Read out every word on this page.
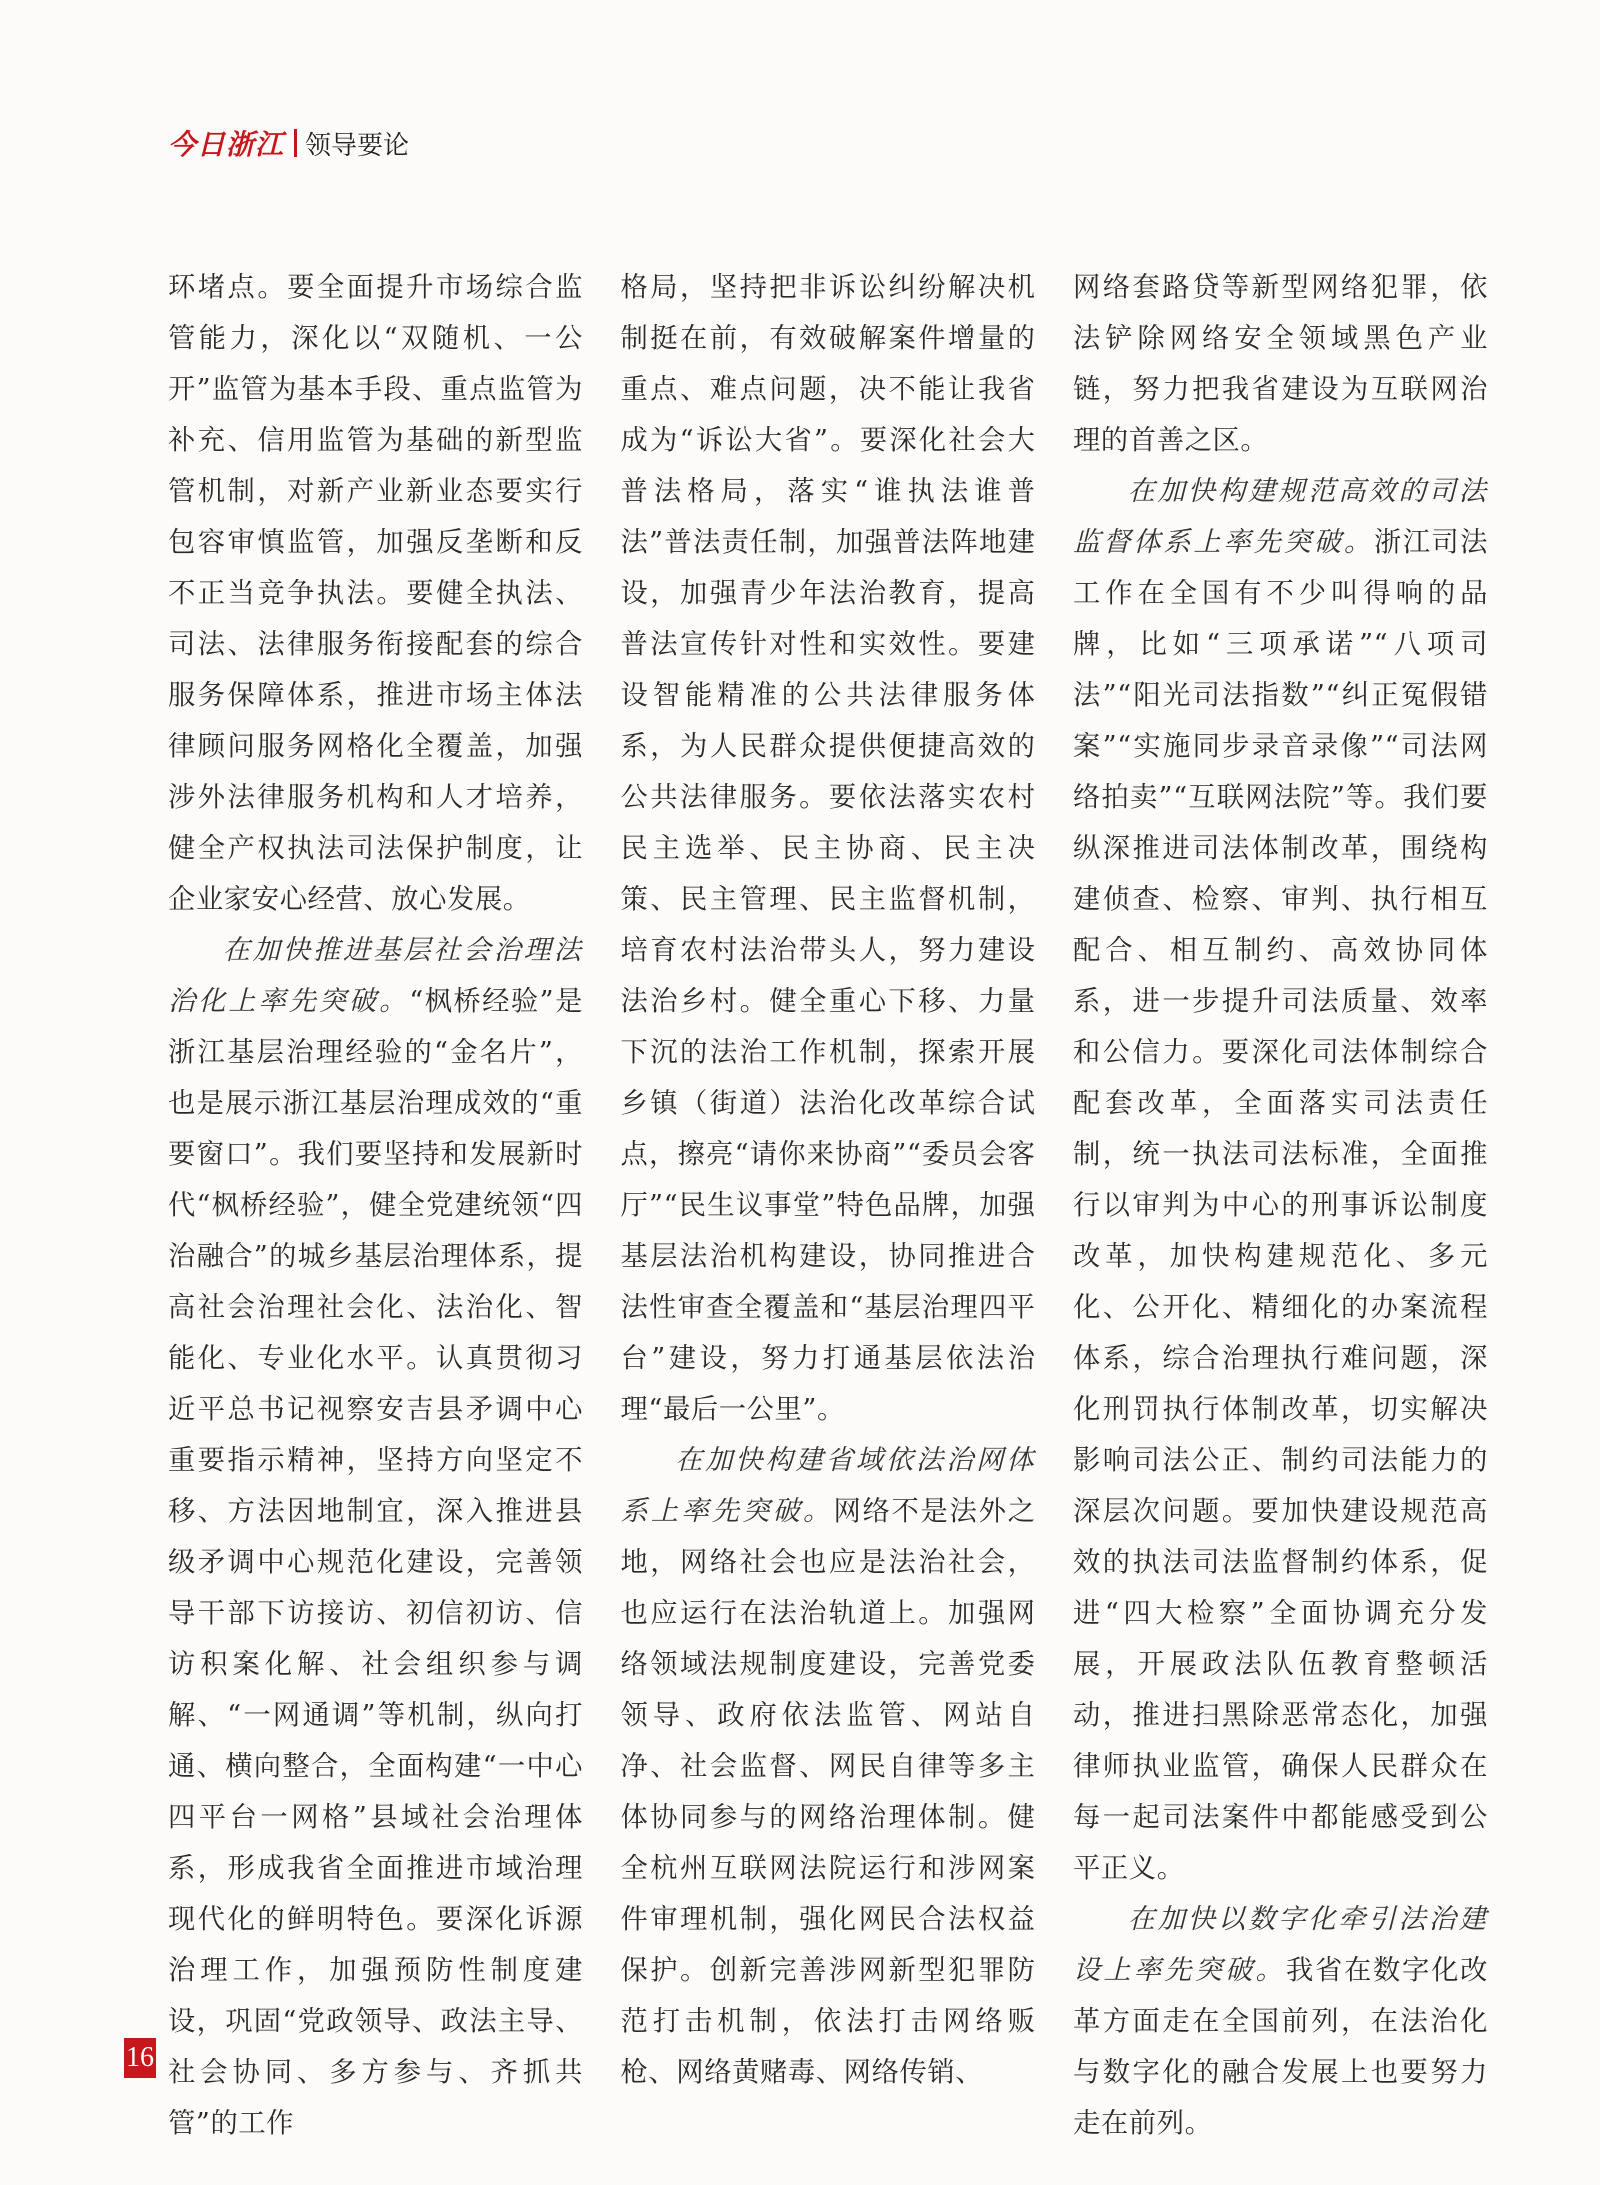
今日浙江 领导要论

环堵点。要全面提升市场综合监管能力，深化以“双随机、一公开”监管为基本手段、重点监管为补充、信用监管为基础的新型监管机制，对新产业新业态要实行包容审慎监管，加强反垄断和反不正当竞争执法。要健全执法、司法、法律服务衔接配套的综合服务保障体系，推进市场主体法律顾问服务网格化全覆盖，加强涉外法律服务机构和人才培养，健全产权执法司法保护制度，让企业家安心经营、放心发展。

在加快推进基层社会治理法治化上率先突破。“枫桥经验”是浙江基层治理经验的“金名片”，也是展示浙江基层治理成效的“重要窗口”。我们要坚持和发展新时代“枫桥经验”，健全党建统领“四治融合”的城乡基层治理体系，提高社会治理社会化、法治化、智能化、专业化水平。认真贯彻习近平总书记视察安吉县矛调中心重要指示精神，坚持方向坚定不移、方法因地制宜，深入推进县级矛调中心规范化建设，完善领导干部下访接访、初信初访、信访积案化解、社会组织参与调解、“一网通调”等机制，纵向打通、横向整合，全面构建“一中心四平台一网格”县域社会治理体系，形成我省全面推进市域治理现代化的鲜明特色。要深化诉源治理工作，加强预防性制度建设，巩固“党政领导、政法主导、社会协同、多方参与、齐抓共管”的工作

格局，坚持把非诉讼纠纷解决机制挺在前，有效破解案件增量的重点、难点问题，决不能让我省成为“诉讼大省”。要深化社会大普法格局，落实“谁执法谁普法”普法责任制，加强普法阵地建设，加强青少年法治教育，提高普法宣传针对性和实效性。要建设智能精准的公共法律服务体系，为人民群众提供便捷高效的公共法律服务。要依法落实农村民主选举、民主协商、民主决策、民主管理、民主监督机制，培育农村法治带头人，努力建设法治乡村。健全重心下移、力量下沉的法治工作机制，探索开展乡镇（街道）法治化改革综合试点，擦亮“请你来协商”“委员会客厅”“民生议事堂”特色品牌，加强基层法治机构建设，协同推进合法性审查全覆盖和“基层治理四平台”建设，努力打通基层依法治理“最后一公里”。

在加快构建省域依法治网体系上率先突破。网络不是法外之地，网络社会也应是法治社会，也应运行在法治轨道上。加强网络领域法规制度建设，完善党委领导、政府依法监管、网站自净、社会监督、网民自律等多主体协同参与的网络治理体制。健全杭州互联网法院运行和涉网案件审理机制，强化网民合法权益保护。创新完善涉网新型犯罪防范打击机制，依法打击网络贩枪、网络黄赌毒、网络传销、

网络套路贷等新型网络犯罪，依法铲除网络安全领域黑色产业链，努力把我省建设为互联网治理的首善之区。

在加快构建规范高效的司法监督体系上率先突破。浙江司法工作在全国有不少叫得响的品牌，比如“三项承诺”“八项司法”“阳光司法指数”“纠正冤假错案”“实施同步录音录像”“司法网络拍卖”“互联网法院”等。我们要纵深推进司法体制改革，围绕构建侦查、检察、审判、执行相互配合、相互制约、高效协同体系，进一步提升司法质量、效率和公信力。要深化司法体制综合配套改革，全面落实司法责任制，统一执法司法标准，全面推行以审判为中心的刑事诉讼制度改革，加快构建规范化、多元化、公开化、精细化的办案流程体系，综合治理执行难问题，深化刑罚执行体制改革，切实解决影响司法公正、制约司法能力的深层次问题。要加快建设规范高效的执法司法监督制约体系，促进“四大检察”全面协调充分发展，开展政法队伍教育整顿活动，推进扫黑除恶常态化，加强律师执业监管，确保人民群众在每一起司法案件中都能感受到公平正义。

在加快以数字化牵引法治建设上率先突破。我省在数字化改革方面走在全国前列，在法治化与数字化的融合发展上也要努力走在前列。

16
